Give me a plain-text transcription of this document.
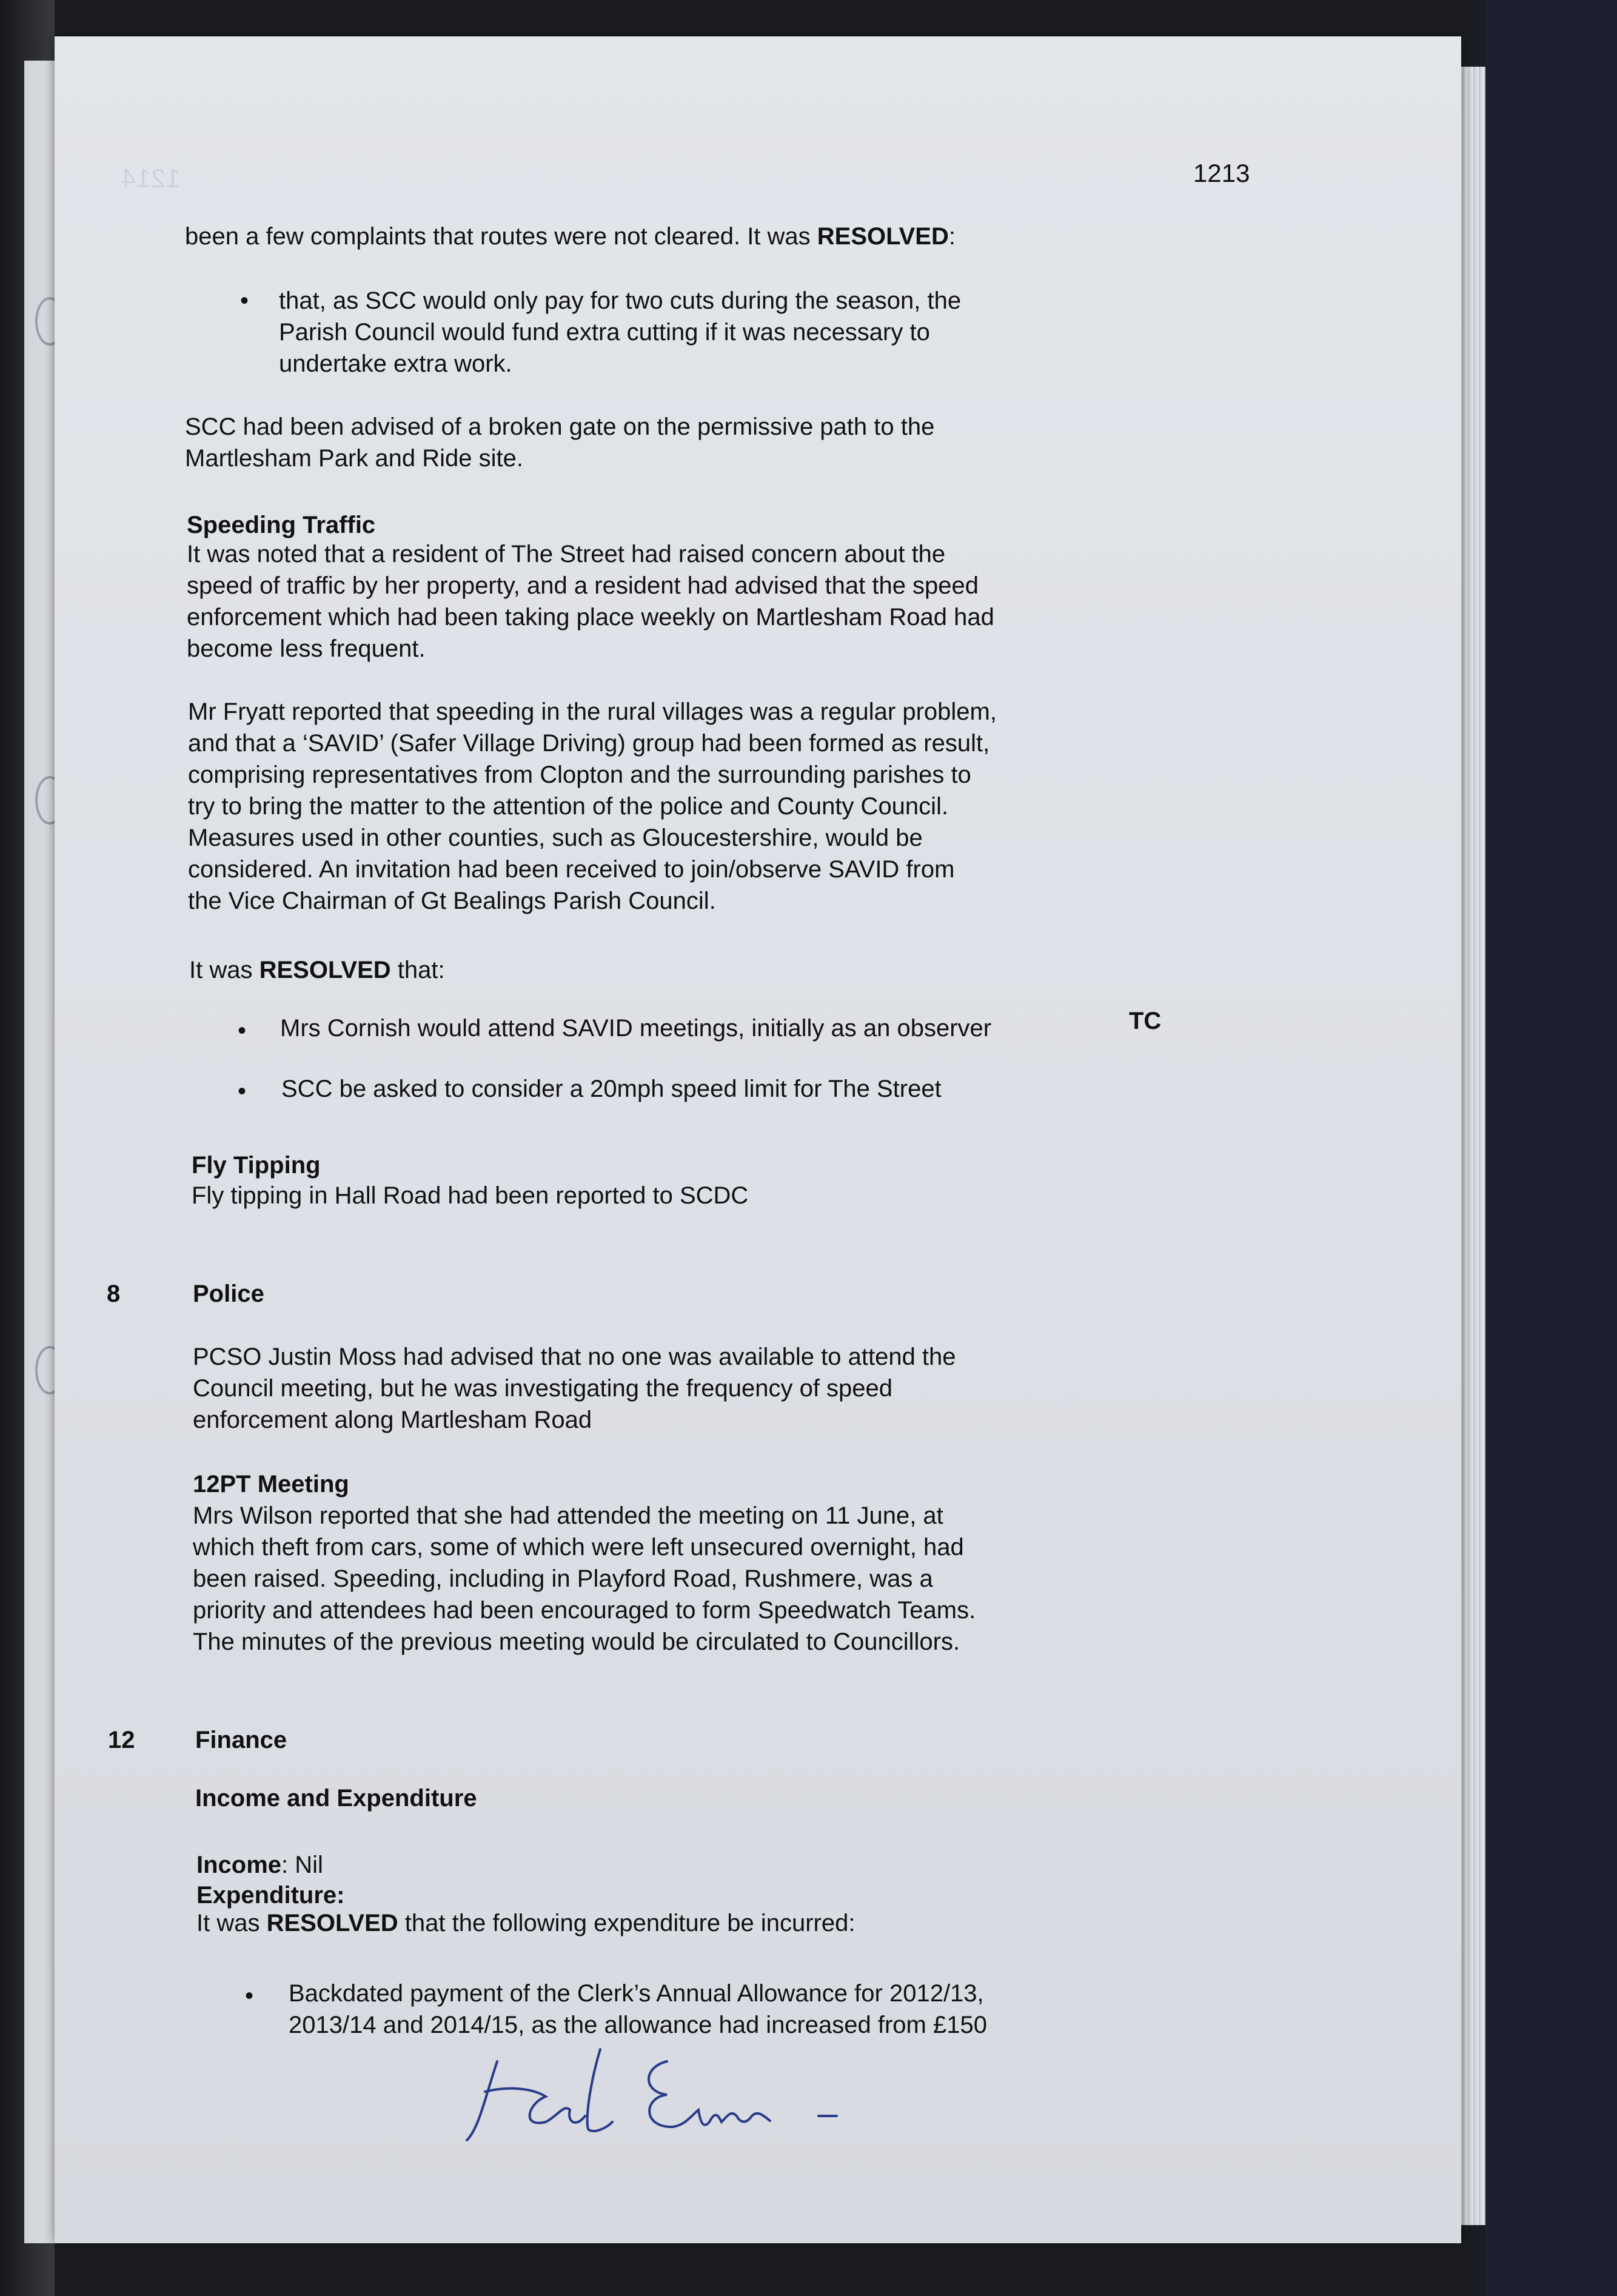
1214	1213
been a few complaints that routes were not cleared. It was RESOLVED:
• that, as SCC would only pay for two cuts during the season, the
Parish Council would fund extra cutting if it was necessary to
undertake extra work.
SCC had been advised of a broken gate on the permissive path to the
Martlesham Park and Ride site.
Speeding Traffic
It was noted that a resident of The Street had raised concern about the
speed of traffic by her property, and a resident had advised that the speed
enforcement which had been taking place weekly on Martlesham Road had
become less frequent.
Mr Fryatt reported that speeding in the rural villages was a regular problem,
and that a ‘SAVID’ (Safer Village Driving) group had been formed as result,
comprising representatives from Clopton and the surrounding parishes to
try to bring the matter to the attention of the police and County Council.
Measures used in other counties, such as Gloucestershire, would be
considered. An invitation had been received to join/observe SAVID from
the Vice Chairman of Gt Bealings Parish Council.
It was RESOLVED that:
• Mrs Cornish would attend SAVID meetings, initially as an observer	TC
• SCC be asked to consider a 20mph speed limit for The Street
Fly Tipping
Fly tipping in Hall Road had been reported to SCDC
8	Police
PCSO Justin Moss had advised that no one was available to attend the
Council meeting, but he was investigating the frequency of speed
enforcement along Martlesham Road
12PT Meeting
Mrs Wilson reported that she had attended the meeting on 11 June, at
which theft from cars, some of which were left unsecured overnight, had
been raised. Speeding, including in Playford Road, Rushmere, was a
priority and attendees had been encouraged to form Speedwatch Teams.
The minutes of the previous meeting would be circulated to Councillors.
12 Finance
Income and Expenditure
Income: Nil
Expenditure:
It was RESOLVED that the following expenditure be incurred:
• Backdated payment of the Clerk’s Annual Allowance for 2012/13,
2013/14 and 2014/15, as the allowance had increased from £150
